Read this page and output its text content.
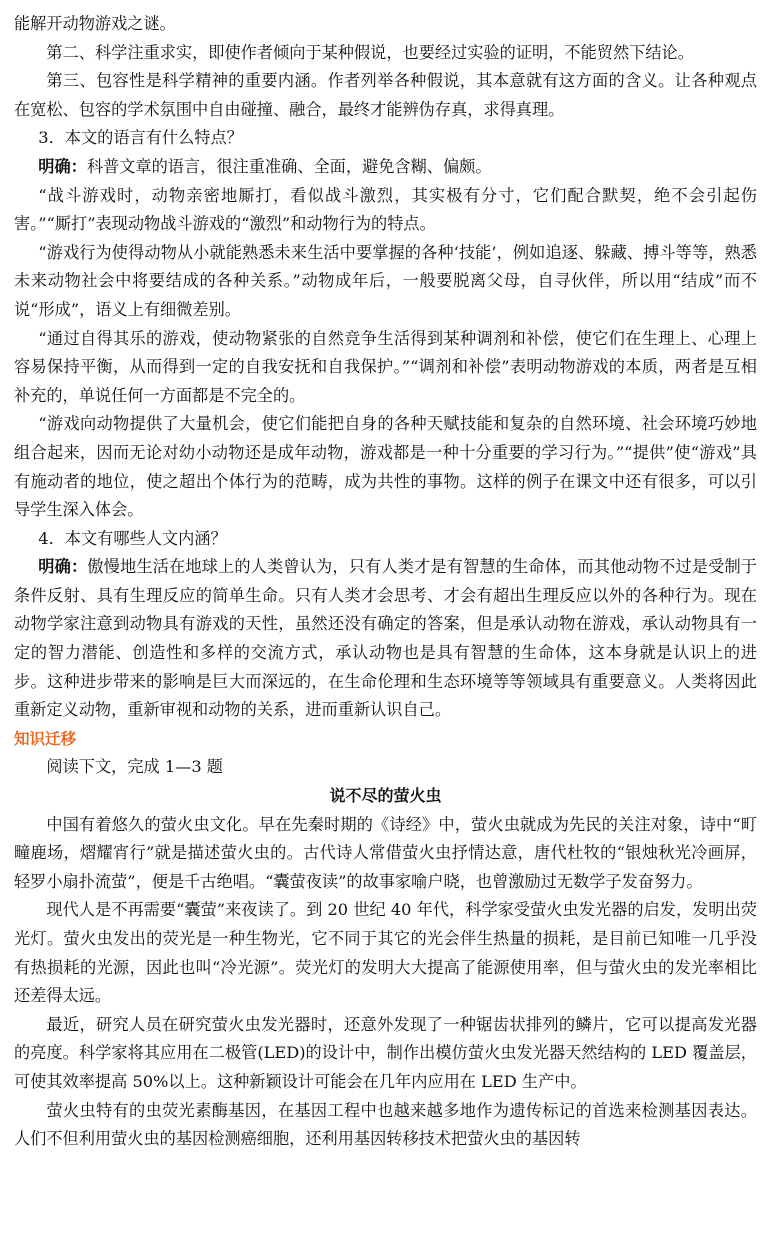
能解开动物游戏之谜。

第二、科学注重求实，即使作者倾向于某种假说，也要经过实验的证明，不能贸然下结论。

第三、包容性是科学精神的重要内涵。作者列举各种假说，其本意就有这方面的含义。让各种观点在宽松、包容的学术氛围中自由碰撞、融合，最终才能辨伪存真，求得真理。

3．本文的语言有什么特点？

明确：科普文章的语言，很注重准确、全面，避免含糊、偏颇。

“战斗游戏时，动物亲密地厮打，看似战斗激烈，其实极有分寸，它们配合默契，绝不会引起伤害。”“厮打”表现动物战斗游戏的“激烈”和动物行为的特点。

“游戏行为使得动物从小就能熟悉未来生活中要掌握的各种‘技能’，例如追逐、躲藏、搏斗等等，熟悉未来动物社会中将要结成的各种关系。”动物成年后，一般要脱离父母，自寻伙伴，所以用“结成”而不说“形成”，语义上有细微差别。

“通过自得其乐的游戏，使动物紧张的自然竞争生活得到某种调剂和补偿，使它们在生理上、心理上容易保持平衡，从而得到一定的自我安抚和自我保护。”“调剂和补偿”表明动物游戏的本质，两者是互相补充的，单说任何一方面都是不完全的。

“游戏向动物提供了大量机会，使它们能把自身的各种天赋技能和复杂的自然环境、社会环境巧妙地组合起来，因而无论对幼小动物还是成年动物，游戏都是一种十分重要的学习行为。”“提供”使“游戏”具有施动者的地位，使之超出个体行为的范畴，成为共性的事物。这样的例子在课文中还有很多，可以引导学生深入体会。

4．本文有哪些人文内涵？

明确：傲慢地生活在地球上的人类曾认为，只有人类才是有智慧的生命体，而其他动物不过是受制于条件反射、具有生理反应的简单生命。只有人类才会思考、才会有超出生理反应以外的各种行为。现在动物学家注意到动物具有游戏的天性，虽然还没有确定的答案，但是承认动物在游戏，承认动物具有一定的智力潜能、创造性和多样的交流方式，承认动物也是具有智慧的生命体，这本身就是认识上的进步。这种进步带来的影响是巨大而深远的，在生命伦理和生态环境等等领域具有重要意义。人类将因此重新定义动物，重新审视和动物的关系，进而重新认识自己。

知识迁移

阅读下文，完成 1—3 题

说不尽的萤火虫

中国有着悠久的萤火虫文化。早在先秦时期的《诗经》中，萤火虫就成为先民的关注对象，诗中“町疃鹿场，熠耀宵行”就是描述萤火虫的。古代诗人常借萤火虫抒情达意，唐代杜牧的“银烛秋光冷画屏，轻罗小扇扑流萤”，便是千古绝唱。“囊萤夜读”的故事家喻户晓，也曾激励过无数学子发奋努力。

现代人是不再需要“囊萤”来夜读了。到 20 世纪 40 年代，科学家受萤火虫发光器的启发，发明出荧光灯。萤火虫发出的荧光是一种生物光，它不同于其它的光会伴生热量的损耗，是目前已知唯一几乎没有热损耗的光源，因此也叫“冷光源”。荧光灯的发明大大提高了能源使用率，但与萤火虫的发光率相比还差得太远。

最近，研究人员在研究萤火虫发光器时，还意外发现了一种锯齿状排列的鳞片，它可以提高发光器的亮度。科学家将其应用在二极管(LED)的设计中，制作出模仿萤火虫发光器天然结构的 LED 覆盖层，可使其效率提高 50%以上。这种新颖设计可能会在几年内应用在 LED 生产中。

萤火虫特有的虫荧光素酶基因，在基因工程中也越来越多地作为遗传标记的首选来检测基因表达。人们不但利用萤火虫的基因检测癌细胞，还利用基因转移技术把萤火虫的基因转
